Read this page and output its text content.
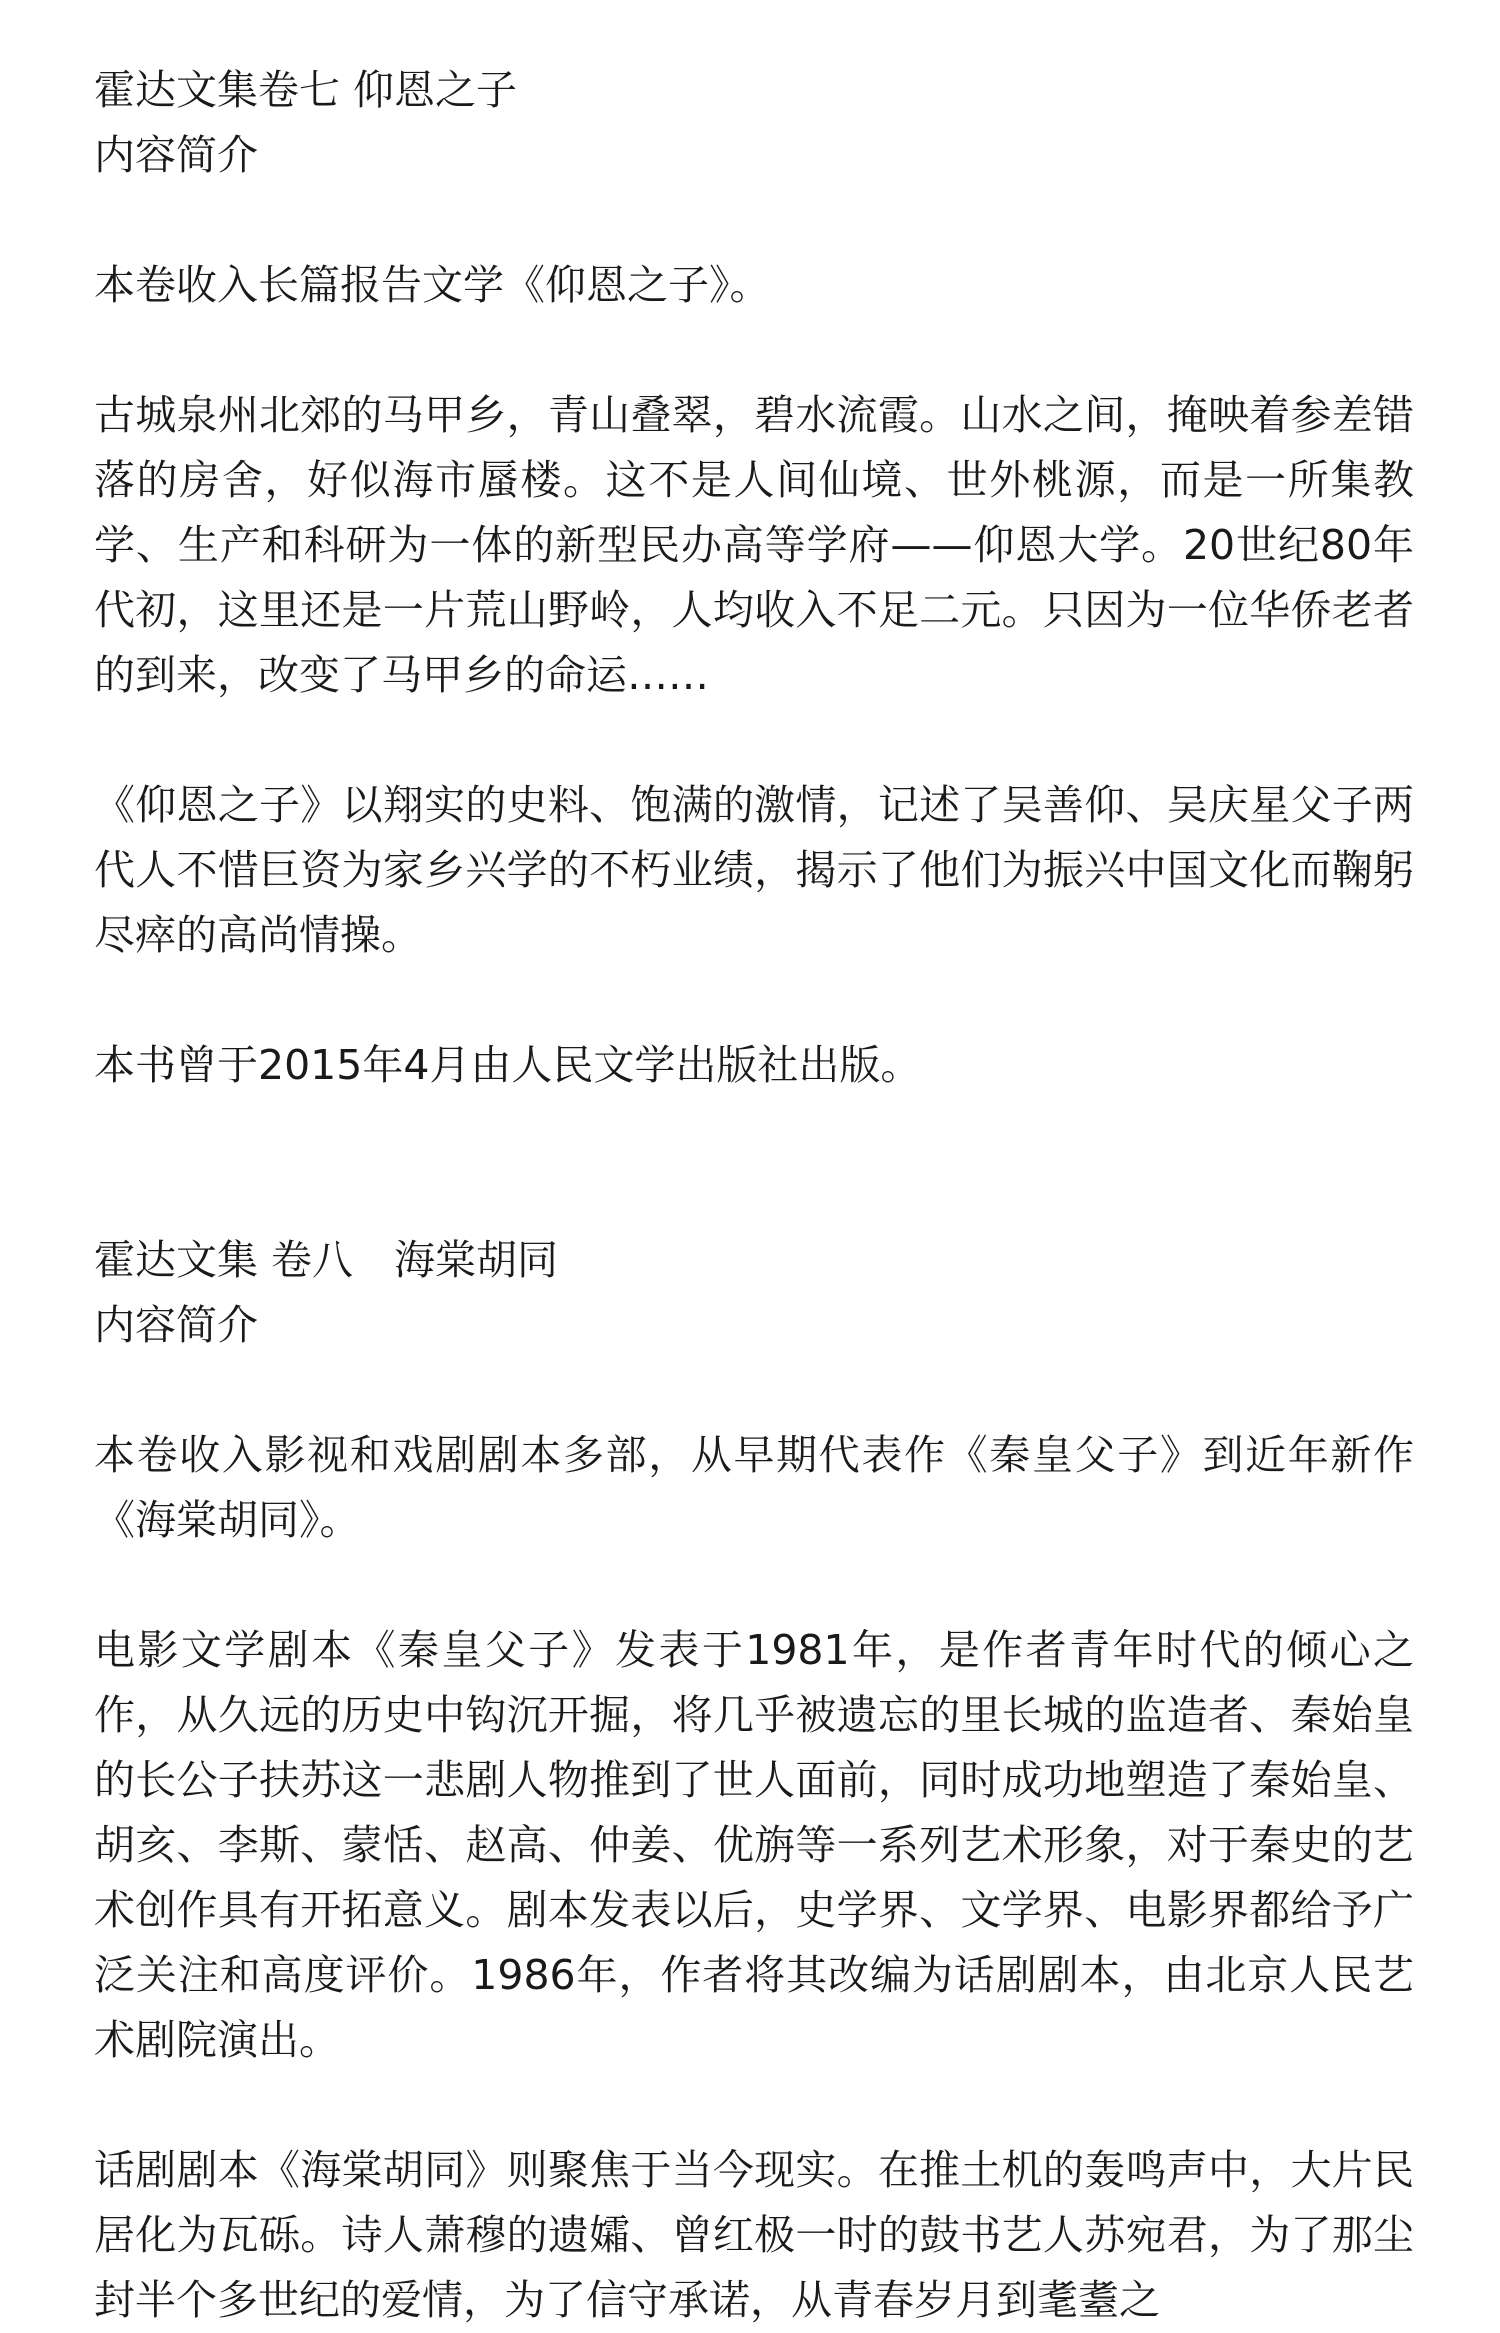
霍达文集卷七 仰恩之子

内容简介

本卷收入长篇报告文学《仰恩之子》。

古城泉州北郊的马甲乡，青山叠翠，碧水流霞。山水之间，掩映着参差错落的房舍，好似海市蜃楼。这不是人间仙境、世外桃源，而是一所集教学、生产和科研为一体的新型民办高等学府——仰恩大学。20世纪80年代初，这里还是一片荒山野岭，人均收入不足二元。只因为一位华侨老者的到来，改变了马甲乡的命运……

《仰恩之子》以翔实的史料、饱满的激情，记述了吴善仰、吴庆星父子两代人不惜巨资为家乡兴学的不朽业绩，揭示了他们为振兴中国文化而鞠躬尽瘁的高尚情操。

本书曾于2015年4月由人民文学出版社出版。

霍达文集 卷八　海棠胡同

内容简介

本卷收入影视和戏剧剧本多部，从早期代表作《秦皇父子》到近年新作《海棠胡同》。

电影文学剧本《秦皇父子》发表于1981年，是作者青年时代的倾心之作，从久远的历史中钩沉开掘，将几乎被遗忘的里长城的监造者、秦始皇的长公子扶苏这一悲剧人物推到了世人面前，同时成功地塑造了秦始皇、胡亥、李斯、蒙恬、赵高、仲姜、优旃等一系列艺术形象，对于秦史的艺术创作具有开拓意义。剧本发表以后，史学界、文学界、电影界都给予广泛关注和高度评价。1986年，作者将其改编为话剧剧本，由北京人民艺术剧院演出。

话剧剧本《海棠胡同》则聚焦于当今现实。在推土机的轰鸣声中，大片民居化为瓦砾。诗人萧穆的遗孀、曾红极一时的鼓书艺人苏宛君，为了那尘封半个多世纪的爱情，为了信守承诺，从青春岁月到耄耋之
